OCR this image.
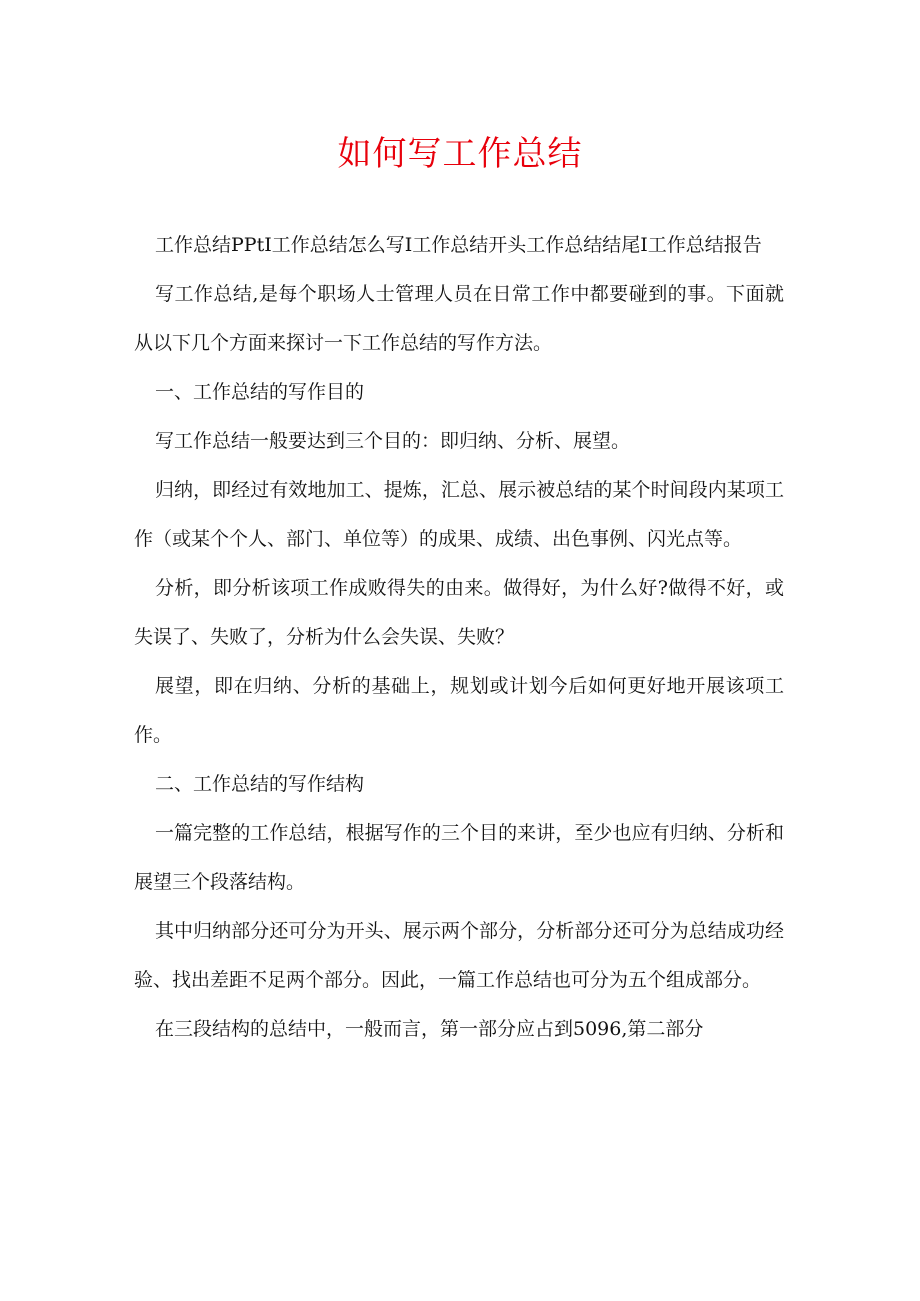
如何写工作总结

工作总结PPtI工作总结怎么写I工作总结开头工作总结结尾I工作总结报告

写工作总结,是每个职场人士管理人员在日常工作中都要碰到的事。下面就从以下几个方面来探讨一下工作总结的写作方法。

一、工作总结的写作目的

写工作总结一般要达到三个目的：即归纳、分析、展望。

归纳，即经过有效地加工、提炼，汇总、展示被总结的某个时间段内某项工作（或某个个人、部门、单位等）的成果、成绩、出色事例、闪光点等。

分析，即分析该项工作成败得失的由来。做得好，为什么好?做得不好，或失误了、失败了，分析为什么会失误、失败？

展望，即在归纳、分析的基础上，规划或计划今后如何更好地开展该项工作。

二、工作总结的写作结构

一篇完整的工作总结，根据写作的三个目的来讲，至少也应有归纳、分析和展望三个段落结构。

其中归纳部分还可分为开头、展示两个部分，分析部分还可分为总结成功经验、找出差距不足两个部分。因此，一篇工作总结也可分为五个组成部分。

在三段结构的总结中，一般而言，第一部分应占到5096,第二部分
